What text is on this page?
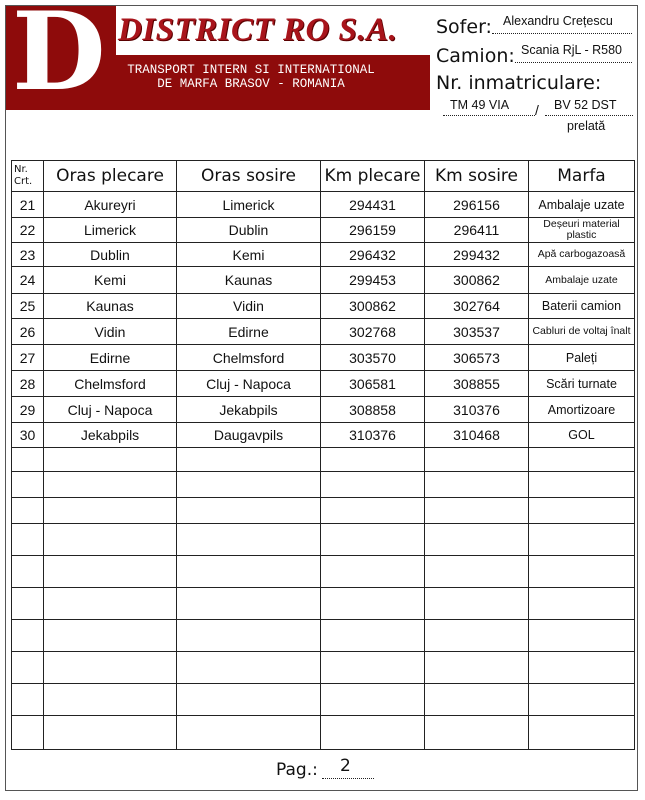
D DISTRICT RO S.A.
TRANSPORT INTERN SI INTERNATIONAL
DE MARFA BRASOV - ROMANIA
Sofer: Alexandru Crețescu
Camion: Scania RjL - R580
Nr. inmatriculare:
TM 49 VIA / BV 52 DST
prelată
Nr. Crt.	Oras plecare	Oras sosire	Km plecare	Km sosire	Marfa
21	Akureyri	Limerick	294431	296156	Ambalaje uzate
22	Limerick	Dublin	296159	296411	Deșeuri material plastic
23	Dublin	Kemi	296432	299432	Apă carbogazoasă
24	Kemi	Kaunas	299453	300862	Ambalaje uzate
25	Kaunas	Vidin	300862	302764	Baterii camion
26	Vidin	Edirne	302768	303537	Cabluri de voltaj înalt
27	Edirne	Chelmsford	303570	306573	Paleți
28	Chelmsford	Cluj - Napoca	306581	308855	Scări turnate
29	Cluj - Napoca	Jekabpils	308858	310376	Amortizoare
30	Jekabpils	Daugavpils	310376	310468	GOL

Pag.: 2
